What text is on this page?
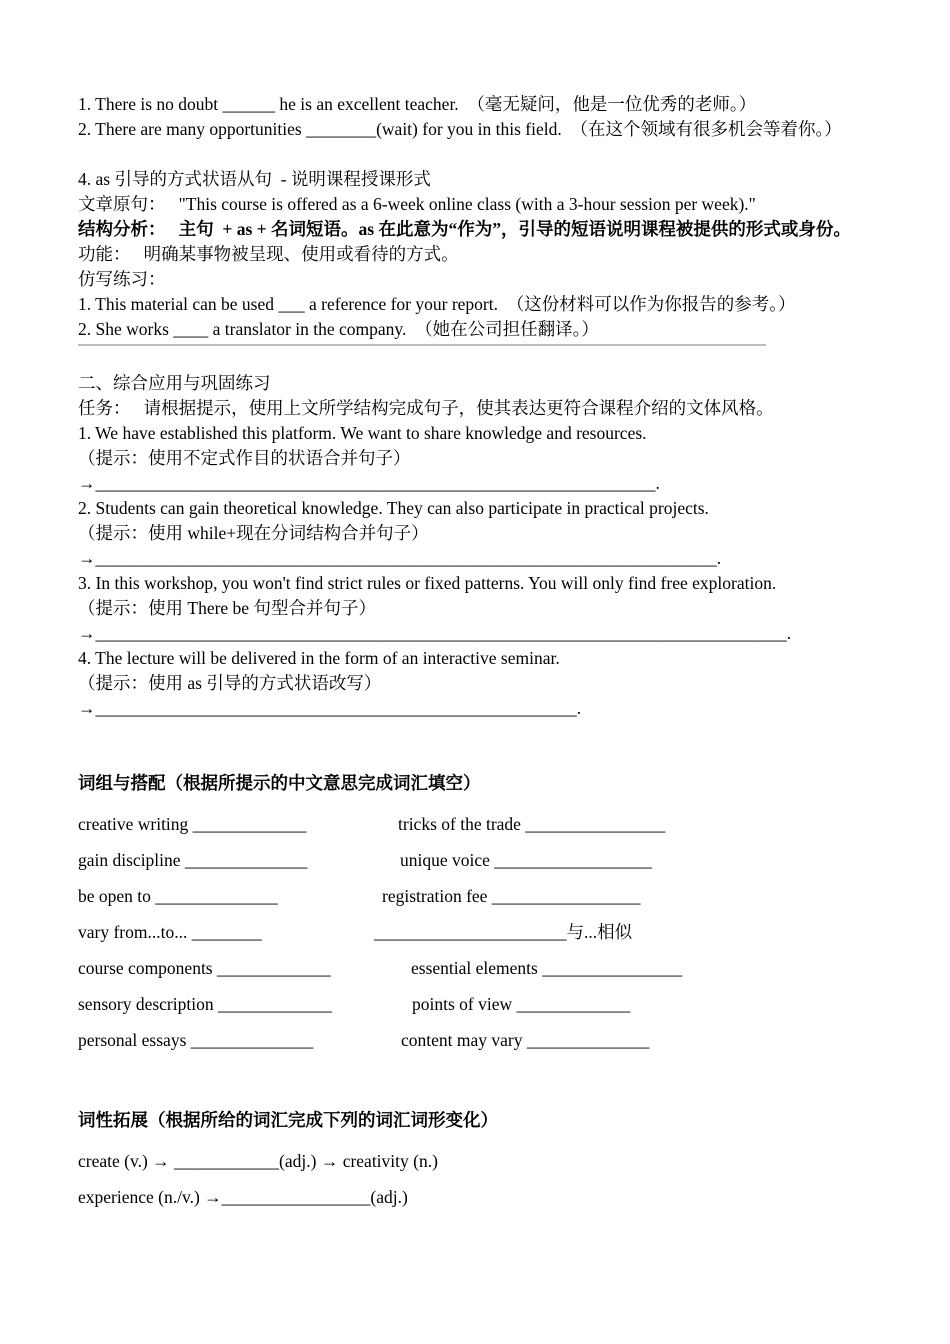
1. There is no doubt ______ he is an excellent teacher.  （毫无疑问，他是一位优秀的老师。）
2. There are many opportunities ________(wait) for you in this field.  （在这个领域有很多机会等着你。）
4. as 引导的方式状语从句  - 说明课程授课形式
文章原句：   "This course is offered as a 6-week online class (with a 3-hour session per week)."
结构分析：   主句  + as + 名词短语。as 在此意为“作为”，引导的短语说明课程被提供的形式或身份。
功能：   明确某事物被呈现、使用或看待的方式。
仿写练习：
1. This material can be used ___ a reference for your report.  （这份材料可以作为你报告的参考。）
2. She works ____ a translator in the company.  （她在公司担任翻译。）
二、综合应用与巩固练习
任务：   请根据提示，使用上文所学结构完成句子，使其表达更符合课程介绍的文体风格。
1. We have established this platform. We want to share knowledge and resources.
（提示：使用不定式作目的状语合并句子）
→________________________________________________________________.
2. Students can gain theoretical knowledge. They can also participate in practical projects.
（提示：使用 while+现在分词结构合并句子）
→_______________________________________________________________________.
3. In this workshop, you won't find strict rules or fixed patterns. You will only find free exploration.
（提示：使用 There be 句型合并句子）
→_______________________________________________________________________________.
4. The lecture will be delivered in the form of an interactive seminar.
（提示：使用 as 引导的方式状语改写）
→_______________________________________________________.
词组与搭配（根据所提示的中文意思完成词汇填空）
creative writing _____________	tricks of the trade ________________
gain discipline ______________	unique voice __________________
be open to ______________	registration fee _________________
vary from...to... ________	______________________与...相似
course components _____________	essential elements ________________
sensory description _____________	points of view _____________
personal essays ______________	content may vary ______________
词性拓展（根据所给的词汇完成下列的词汇词形变化）
create (v.) → ____________(adj.) → creativity (n.)
experience (n./v.) →_________________(adj.)
